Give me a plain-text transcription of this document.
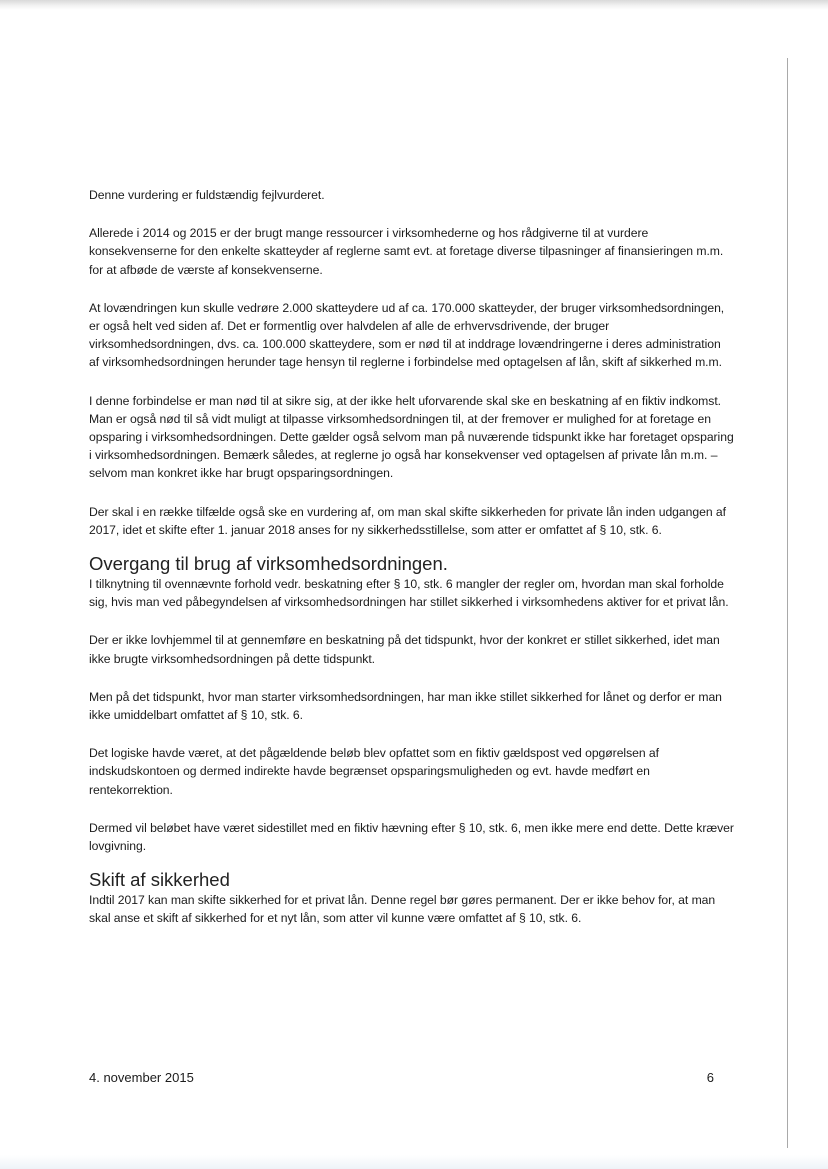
Denne vurdering er fuldstændig fejlvurderet.

Allerede i 2014 og 2015 er der brugt mange ressourcer i virksomhederne og hos rådgiverne til at vurdere konsekvenserne for den enkelte skatteyder af reglerne samt evt. at foretage diverse tilpasninger af finansieringen m.m. for at afbøde de værste af konsekvenserne.

At lovændringen kun skulle vedrøre 2.000 skatteydere ud af ca. 170.000 skatteyder, der bruger virksomhedsordningen, er også helt ved siden af. Det er formentlig over halvdelen af alle de erhvervsdrivende, der bruger virksomhedsordningen, dvs. ca. 100.000 skatteydere, som er nød til at inddrage lovændringerne i deres administration af virksomhedsordningen herunder tage hensyn til reglerne i forbindelse med optagelsen af lån, skift af sikkerhed m.m.

I denne forbindelse er man nød til at sikre sig, at der ikke helt uforvarende skal ske en beskatning af en fiktiv indkomst. Man er også nød til så vidt muligt at tilpasse virksomhedsordningen til, at der fremover er mulighed for at foretage en opsparing i virksomhedsordningen. Dette gælder også selvom man på nuværende tidspunkt ikke har foretaget opsparing i virksomhedsordningen. Bemærk således, at reglerne jo også har konsekvenser ved optagelsen af private lån m.m. – selvom man konkret ikke har brugt opsparingsordningen.

Der skal i en række tilfælde også ske en vurdering af, om man skal skifte sikkerheden for private lån inden udgangen af 2017, idet et skifte efter 1. januar 2018 anses for ny sikkerhedsstillelse, som atter er omfattet af § 10, stk. 6.

Overgang til brug af virksomhedsordningen.

I tilknytning til ovennævnte forhold vedr. beskatning efter § 10, stk. 6 mangler der regler om, hvordan man skal forholde sig, hvis man ved påbegyndelsen af virksomhedsordningen har stillet sikkerhed i virksomhedens aktiver for et privat lån.

Der er ikke lovhjemmel til at gennemføre en beskatning på det tidspunkt, hvor der konkret er stillet sikkerhed, idet man ikke brugte virksomhedsordningen på dette tidspunkt.

Men på det tidspunkt, hvor man starter virksomhedsordningen, har man ikke stillet sikkerhed for lånet og derfor er man ikke umiddelbart omfattet af § 10, stk. 6.

Det logiske havde været, at det pågældende beløb blev opfattet som en fiktiv gældspost ved opgørelsen af indskudskontoen og dermed indirekte havde begrænset opsparingsmuligheden og evt. havde medført en rentekorrektion.

Dermed vil beløbet have været sidestillet med en fiktiv hævning efter § 10, stk. 6, men ikke mere end dette. Dette kræver lovgivning.

Skift af sikkerhed

Indtil 2017 kan man skifte sikkerhed for et privat lån. Denne regel bør gøres permanent. Der er ikke behov for, at man skal anse et skift af sikkerhed for et nyt lån, som atter vil kunne være omfattet af § 10, stk. 6.

4. november 2015	6
